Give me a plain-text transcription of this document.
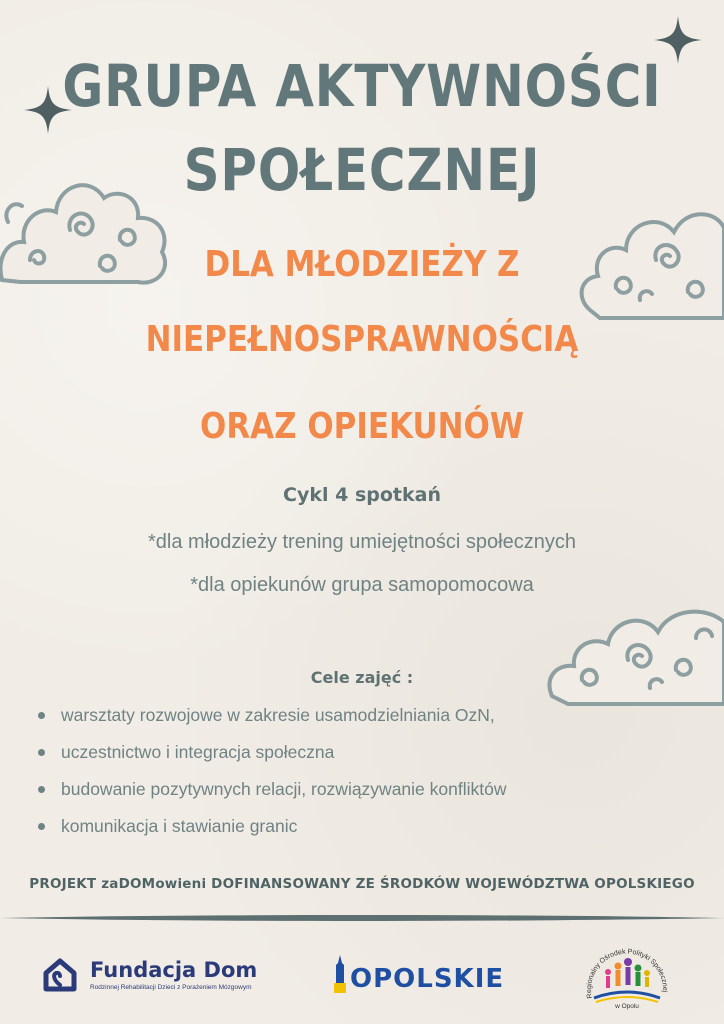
GRUPA AKTYWNOŚCI
SPOŁECZNEJ
DLA MŁODZIEŻY Z
NIEPEŁNOSPRAWNOŚCIĄ
ORAZ OPIEKUNÓW
Cykl 4 spotkań
*dla młodzieży trening umiejętności społecznych
*dla opiekunów grupa samopomocowa
Cele zajęć :
warsztaty rozwojowe w zakresie usamodzielniania OzN,
uczestnictwo i integracja społeczna
budowanie pozytywnych relacji, rozwiązywanie konfliktów
komunikacja i stawianie granic
PROJEKT zaDOMowieni DOFINANSOWANY ZE ŚRODKÓW WOJEWÓDZTWA OPOLSKIEGO
Fundacja Dom
Rodzinnej Rehabilitacji Dzieci z Porażeniem Mózgowym	OPOLSKIE
Regionalny Ośrodek Polityki Społecznej
w Opolu
